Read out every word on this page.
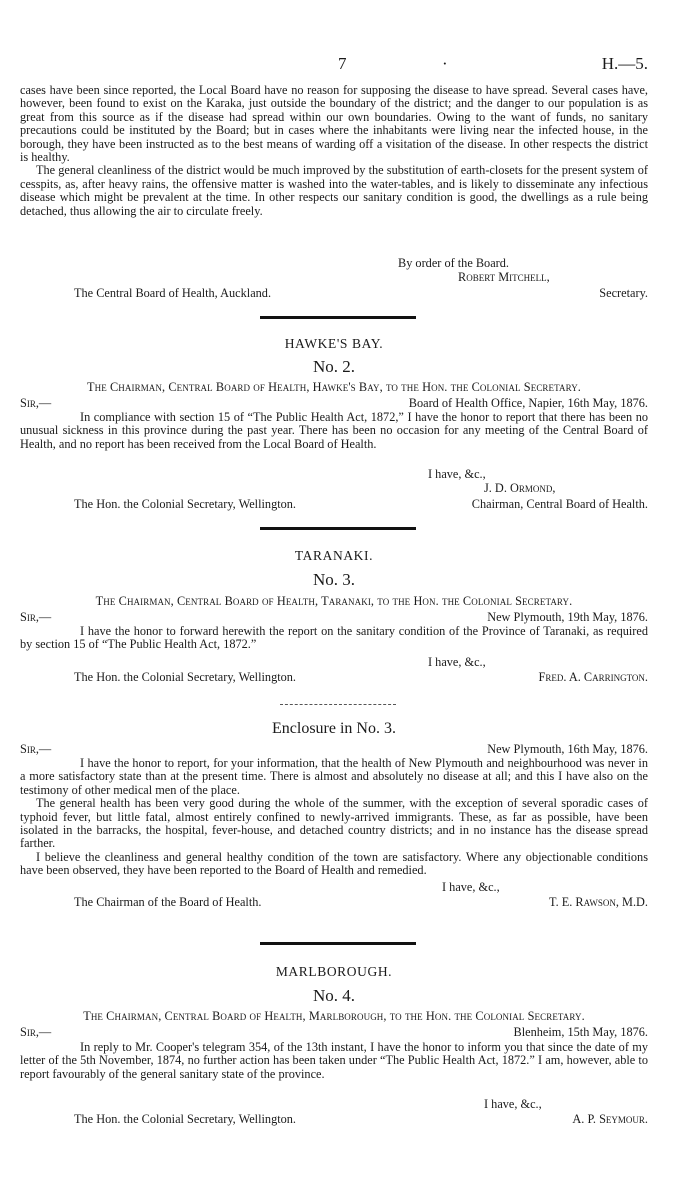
7	·	H.—5.

cases have been since reported, the Local Board have no reason for supposing the disease to have spread. Several cases have, however, been found to exist on the Karaka, just outside the boundary of the district; and the danger to our population is as great from this source as if the disease had spread within our own boundaries. Owing to the want of funds, no sanitary precautions could be instituted by the Board; but in cases where the inhabitants were living near the infected house, in the borough, they have been instructed as to the best means of warding off a visitation of the disease. In other respects the district is healthy.

The general cleanliness of the district would be much improved by the substitution of earth-closets for the present system of cesspits, as, after heavy rains, the offensive matter is washed into the water-tables, and is likely to disseminate any infectious disease which might be prevalent at the time. In other respects our sanitary condition is good, the dwellings as a rule being detached, thus allowing the air to circulate freely.

By order of the Board.
Robert Mitchell,
The Central Board of Health, Auckland.	Secretary.
HAWKE'S BAY.
No. 2.
The Chairman, Central Board of Health, Hawke's Bay, to the Hon. the Colonial Secretary.
Sir,—	Board of Health Office, Napier, 16th May, 1876.
In compliance with section 15 of “The Public Health Act, 1872,” I have the honor to report that there has been no unusual sickness in this province during the past year. There has been no occasion for any meeting of the Central Board of Health, and no report has been received from the Local Board of Health.
I have, &c.,
J. D. Ormond,
The Hon. the Colonial Secretary, Wellington.	Chairman, Central Board of Health.
TARANAKI.
No. 3.
The Chairman, Central Board of Health, Taranaki, to the Hon. the Colonial Secretary.
Sir,—	New Plymouth, 19th May, 1876.
I have the honor to forward herewith the report on the sanitary condition of the Province of Taranaki, as required by section 15 of “The Public Health Act, 1872.”
I have, &c.,
The Hon. the Colonial Secretary, Wellington.	Fred. A. Carrington.
Enclosure in No. 3.
Sir,—	New Plymouth, 16th May, 1876.

I have the honor to report, for your information, that the health of New Plymouth and neighbourhood was never in a more satisfactory state than at the present time. There is almost and absolutely no disease at all; and this I have also on the testimony of other medical men of the place.

The general health has been very good during the whole of the summer, with the exception of several sporadic cases of typhoid fever, but little fatal, almost entirely confined to newly-arrived immigrants. These, as far as possible, have been isolated in the barracks, the hospital, fever-house, and detached country districts; and in no instance has the disease spread farther.

I believe the cleanliness and general healthy condition of the town are satisfactory. Where any objectionable conditions have been observed, they have been reported to the Board of Health and remedied.

I have, &c.,
The Chairman of the Board of Health.	T. E. Rawson, M.D.
MARLBOROUGH.
No. 4.
The Chairman, Central Board of Health, Marlborough, to the Hon. the Colonial Secretary.
Sir,—	Blenheim, 15th May, 1876.
In reply to Mr. Cooper's telegram 354, of the 13th instant, I have the honor to inform you that since the date of my letter of the 5th November, 1874, no further action has been taken under “The Public Health Act, 1872.” I am, however, able to report favourably of the general sanitary state of the province.
I have, &c.,
The Hon. the Colonial Secretary, Wellington.	A. P. Seymour.
